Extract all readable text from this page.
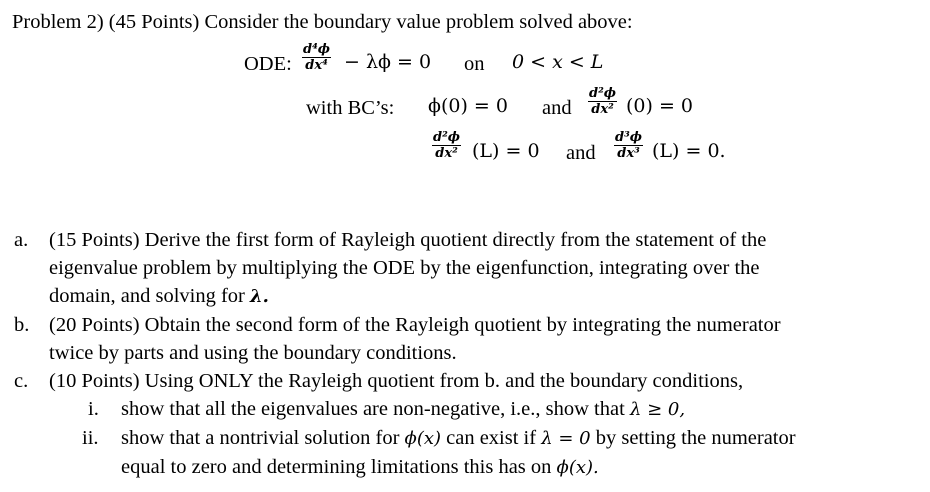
Problem 2) (45 Points) Consider the boundary value problem solved above:
ODE:
d⁴ϕ
dx⁴ − λϕ = 0 on 0 < x < L
with BC’s: ϕ(0) = 0 and
d²ϕ
dx² (0) = 0
d²ϕ
dx² (L) = 0 and
d³ϕ
dx³ (L) = 0.
a. (15 Points) Derive the first form of Rayleigh quotient directly from the statement of the
eigenvalue problem by multiplying the ODE by the eigenfunction, integrating over the
domain, and solving for λ.
b. (20 Points) Obtain the second form of the Rayleigh quotient by integrating the numerator
twice by parts and using the boundary conditions.
c. (10 Points) Using ONLY the Rayleigh quotient from b. and the boundary conditions,
i. show that all the eigenvalues are non-negative, i.e., show that λ ≥ 0,
ii. show that a nontrivial solution for ϕ(x) can exist if λ = 0 by setting the numerator
equal to zero and determining limitations this has on ϕ(x).
